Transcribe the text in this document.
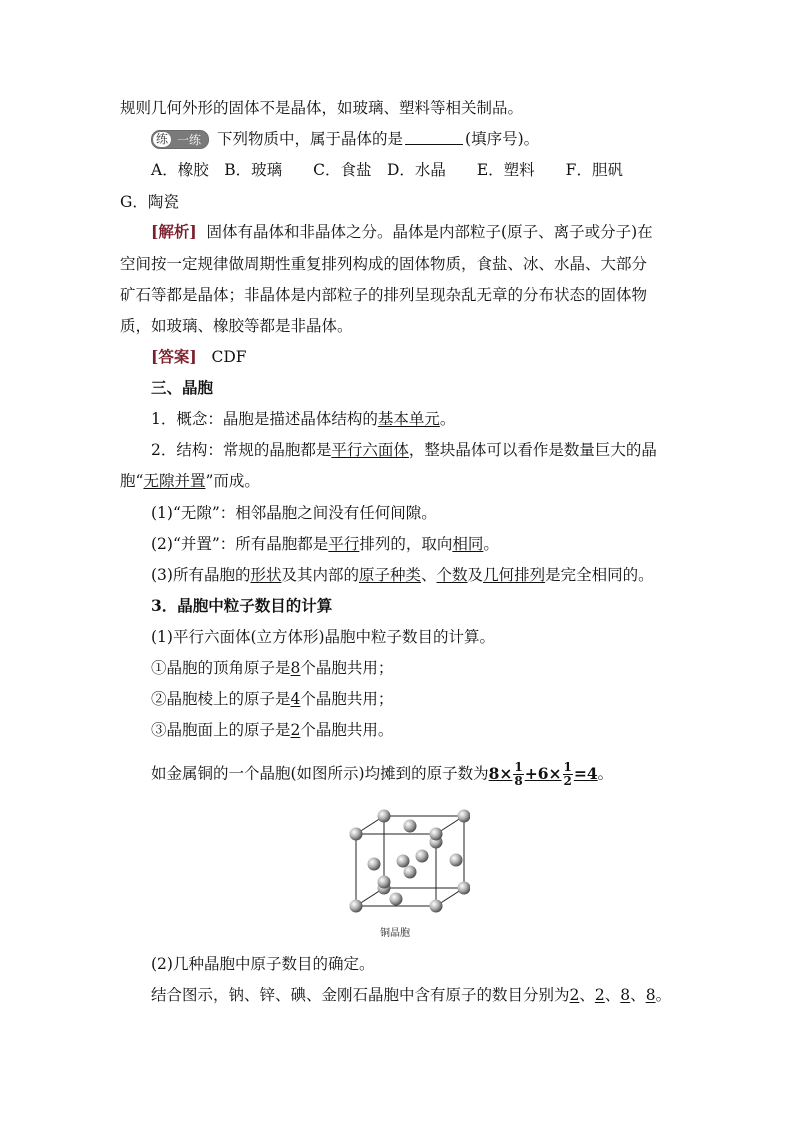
规则几何外形的固体不是晶体，如玻璃、塑料等相关制品。
练 一练 下列物质中，属于晶体的是	(填序号)。
A．橡胶　B．玻璃　　C．食盐　D．水晶　　E．塑料　　F．胆矾
G．陶瓷
[解析] 固体有晶体和非晶体之分。晶体是内部粒子(原子、离子或分子)在
空间按一定规律做周期性重复排列构成的固体物质，食盐、冰、水晶、大部分
矿石等都是晶体；非晶体是内部粒子的排列呈现杂乱无章的分布状态的固体物
质，如玻璃、橡胶等都是非晶体。
[答案] CDF
三、晶胞
1．概念：晶胞是描述晶体结构的基本单元。
2．结构：常规的晶胞都是平行六面体，整块晶体可以看作是数量巨大的晶
胞“无隙并置”而成。
(1)“无隙”：相邻晶胞之间没有任何间隙。
(2)“并置”：所有晶胞都是平行排列的，取向相同。
(3)所有晶胞的形状及其内部的原子种类、个数及几何排列是完全相同的。
3．晶胞中粒子数目的计算
(1)平行六面体(立方体形)晶胞中粒子数目的计算。
①晶胞的顶角原子是8个晶胞共用；
②晶胞棱上的原子是4个晶胞共用；
③晶胞面上的原子是2个晶胞共用。
如金属铜的一个晶胞(如图所示)均摊到的原子数为$8\times \frac{1}{8} +6\times \frac{1}{2} =4$。
铜晶胞
(2)几种晶胞中原子数目的确定。
结合图示，钠、锌、碘、金刚石晶胞中含有原子的数目分别为2、2、8、8。
